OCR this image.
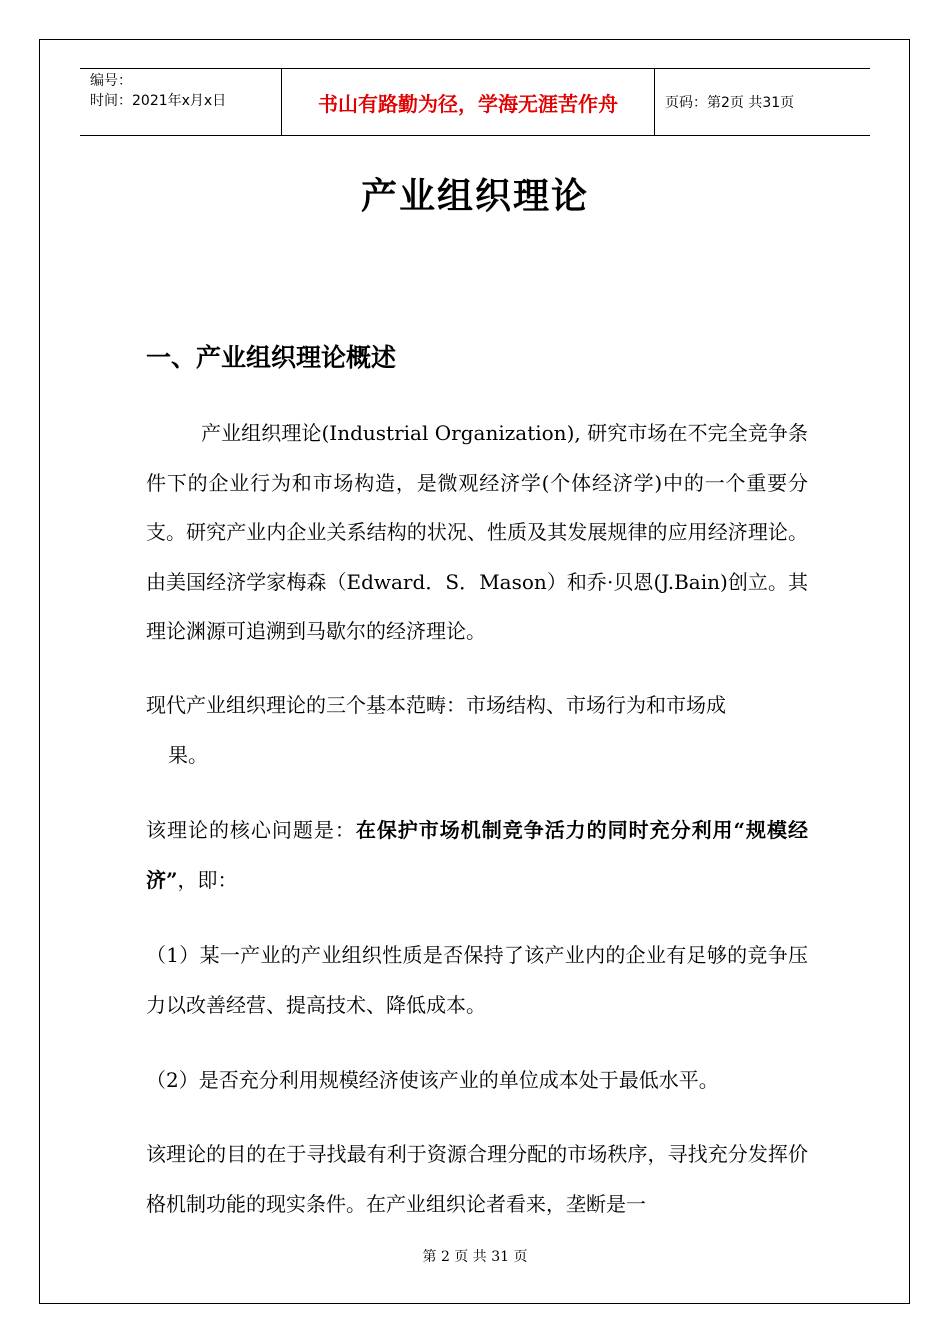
编号：
时间：2021年x月x日	书山有路勤为径，学海无涯苦作舟	页码：第2页 共31页
产业组织理论
一、产业组织理论概述
产业组织理论(Industrial Organization), 研究市场在不完全竞争条件下的企业行为和市场构造，是微观经济学(个体经济学)中的一个重要分支。研究产业内企业关系结构的状况、性质及其发展规律的应用经济理论。由美国经济学家梅森（Edward．S．Mason）和乔·贝恩(J.Bain)创立。其理论渊源可追溯到马歇尔的经济理论。
现代产业组织理论的三个基本范畴：市场结构、市场行为和市场成
果。
该理论的核心问题是：在保护市场机制竞争活力的同时充分利用“规模经济”，即：
（1）某一产业的产业组织性质是否保持了该产业内的企业有足够的竞争压力以改善经营、提高技术、降低成本。
（2）是否充分利用规模经济使该产业的单位成本处于最低水平。
该理论的目的在于寻找最有利于资源合理分配的市场秩序，寻找充分发挥价格机制功能的现实条件。在产业组织论者看来，垄断是一
第 2 页 共 31 页
